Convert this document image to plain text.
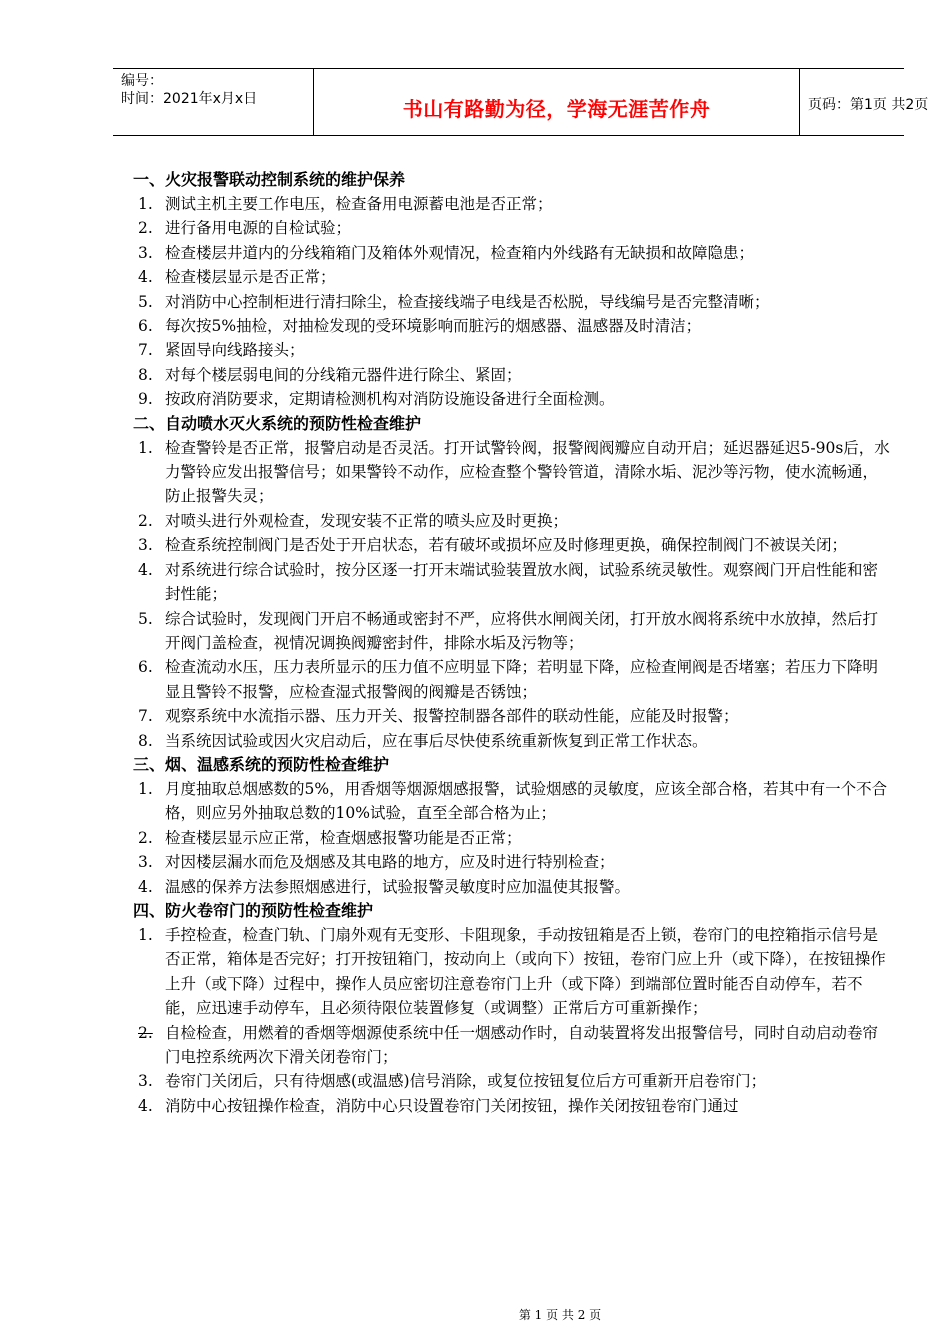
编号：
时间：2021年x月x日	书山有路勤为径，学海无涯苦作舟	页码：第1页 共2页
一、火灾报警联动控制系统的维护保养
1. 测试主机主要工作电压，检查备用电源蓄电池是否正常；
2. 进行备用电源的自检试验；
3. 检查楼层井道内的分线箱箱门及箱体外观情况，检查箱内外线路有无缺损和故障隐患；
4. 检查楼层显示是否正常；
5. 对消防中心控制柜进行清扫除尘，检查接线端子电线是否松脱，导线编号是否完整清晰；
6. 每次按5%抽检，对抽检发现的受环境影响而脏污的烟感器、温感器及时清洁；
7. 紧固导向线路接头；
8. 对每个楼层弱电间的分线箱元器件进行除尘、紧固；
9. 按政府消防要求，定期请检测机构对消防设施设备进行全面检测。
二、自动喷水灭火系统的预防性检查维护
1. 检查警铃是否正常，报警启动是否灵活。打开试警铃阀，报警阀阀瓣应自动开启；延迟器延迟5-90s后，水力警铃应发出报警信号；如果警铃不动作，应检查整个警铃管道，清除水垢、泥沙等污物，使水流畅通，防止报警失灵；
2. 对喷头进行外观检查，发现安装不正常的喷头应及时更换；
3. 检查系统控制阀门是否处于开启状态，若有破坏或损坏应及时修理更换，确保控制阀门不被误关闭；
4. 对系统进行综合试验时，按分区逐一打开末端试验装置放水阀，试验系统灵敏性。观察阀门开启性能和密封性能；
5. 综合试验时，发现阀门开启不畅通或密封不严，应将供水闸阀关闭，打开放水阀将系统中水放掉，然后打开阀门盖检查，视情况调换阀瓣密封件，排除水垢及污物等；
6. 检查流动水压，压力表所显示的压力值不应明显下降；若明显下降，应检查闸阀是否堵塞；若压力下降明显且警铃不报警，应检查湿式报警阀的阀瓣是否锈蚀；
7. 观察系统中水流指示器、压力开关、报警控制器各部件的联动性能，应能及时报警；
8. 当系统因试验或因火灾启动后，应在事后尽快使系统重新恢复到正常工作状态。
三、烟、温感系统的预防性检查维护
1. 月度抽取总烟感数的5%，用香烟等烟源烟感报警，试验烟感的灵敏度，应该全部合格，若其中有一个不合格，则应另外抽取总数的10%试验，直至全部合格为止；
2. 检查楼层显示应正常，检查烟感报警功能是否正常；
3. 对因楼层漏水而危及烟感及其电路的地方，应及时进行特别检查；
4. 温感的保养方法参照烟感进行，试验报警灵敏度时应加温使其报警。
四、防火卷帘门的预防性检查维护
1. 手控检查，检查门轨、门扇外观有无变形、卡阻现象，手动按钮箱是否上锁，卷帘门的电控箱指示信号是否正常，箱体是否完好；打开按钮箱门，按动向上（或向下）按钮，卷帘门应上升（或下降），在按钮操作上升（或下降）过程中，操作人员应密切注意卷帘门上升（或下降）到端部位置时能否自动停车，若不能，应迅速手动停车，且必须待限位装置修复（或调整）正常后方可重新操作；
2. 自检检查，用燃着的香烟等烟源使系统中任一烟感动作时，自动装置将发出报警信号，同时自动启动卷帘门电控系统两次下滑关闭卷帘门；
3. 卷帘门关闭后，只有待烟感(或温感)信号消除，或复位按钮复位后方可重新开启卷帘门；
4. 消防中心按钮操作检查，消防中心只设置卷帘门关闭按钮，操作关闭按钮卷帘门通过
第 1 页 共 2 页
